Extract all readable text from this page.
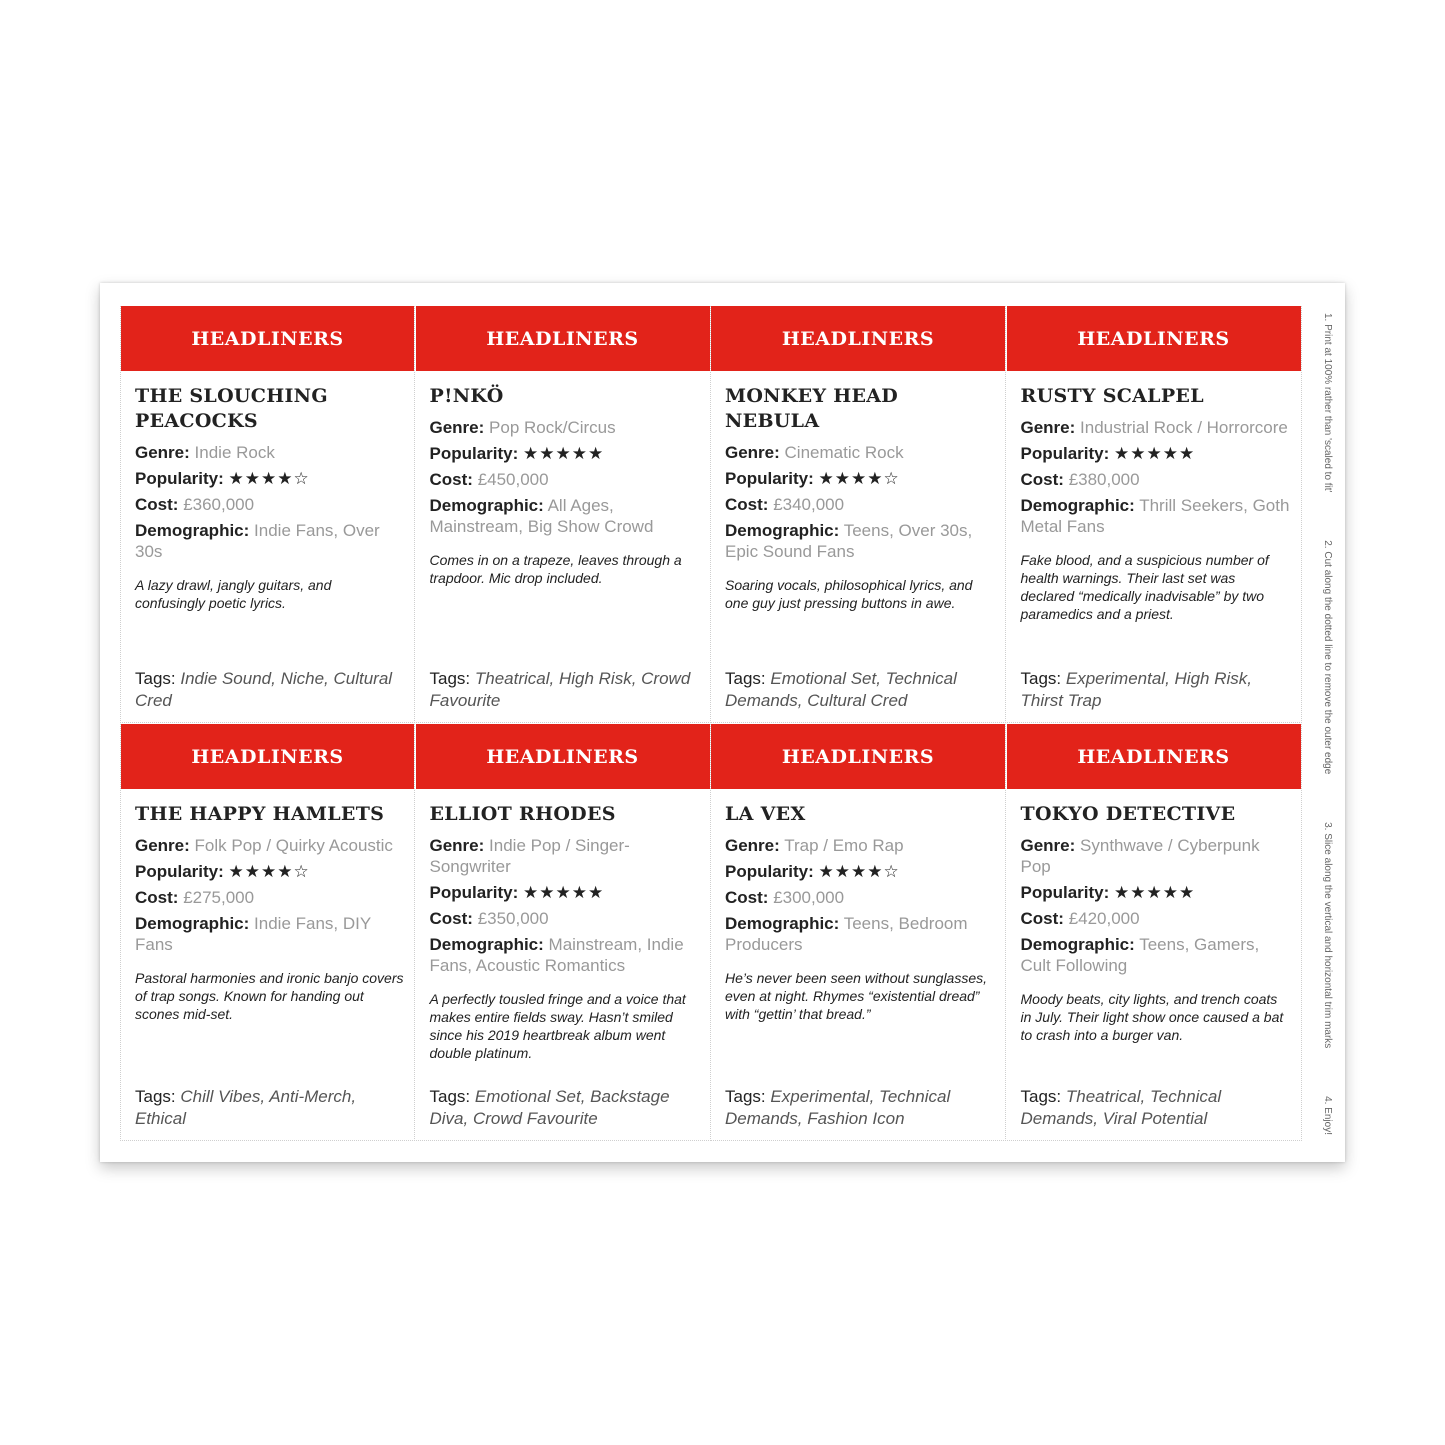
HEADLINERS
THE SLOUCHING PEACOCKS
Genre: Indie Rock
Popularity: ★★★★☆
Cost: £360,000
Demographic: Indie Fans, Over 30s
A lazy drawl, jangly guitars, and confusingly poetic lyrics.
Tags: Indie Sound, Niche, Cultural Cred
HEADLINERS
P!NKÖ
Genre: Pop Rock/Circus
Popularity: ★★★★★
Cost: £450,000
Demographic: All Ages, Mainstream, Big Show Crowd
Comes in on a trapeze, leaves through a trapdoor. Mic drop included.
Tags: Theatrical, High Risk, Crowd Favourite
HEADLINERS
MONKEY HEAD NEBULA
Genre: Cinematic Rock
Popularity: ★★★★☆
Cost: £340,000
Demographic: Teens, Over 30s, Epic Sound Fans
Soaring vocals, philosophical lyrics, and one guy just pressing buttons in awe.
Tags: Emotional Set, Technical Demands, Cultural Cred
HEADLINERS
RUSTY SCALPEL
Genre: Industrial Rock / Horrorcore
Popularity: ★★★★★
Cost: £380,000
Demographic: Thrill Seekers, Goth Metal Fans
Fake blood, and a suspicious number of health warnings. Their last set was declared “medically inadvisable” by two paramedics and a priest.
Tags: Experimental, High Risk, Thirst Trap
HEADLINERS
THE HAPPY HAMLETS
Genre: Folk Pop / Quirky Acoustic
Popularity: ★★★★☆
Cost: £275,000
Demographic: Indie Fans, DIY Fans
Pastoral harmonies and ironic banjo covers of trap songs. Known for handing out scones mid-set.
Tags: Chill Vibes, Anti-Merch, Ethical
HEADLINERS
ELLIOT RHODES
Genre: Indie Pop / Singer-Songwriter
Popularity: ★★★★★
Cost: £350,000
Demographic: Mainstream, Indie Fans, Acoustic Romantics
A perfectly tousled fringe and a voice that makes entire fields sway. Hasn’t smiled since his 2019 heartbreak album went double platinum.
Tags: Emotional Set, Backstage Diva, Crowd Favourite
HEADLINERS
LA VEX
Genre: Trap / Emo Rap
Popularity: ★★★★☆
Cost: £300,000
Demographic: Teens, Bedroom Producers
He’s never been seen without sunglasses, even at night. Rhymes “existential dread” with “gettin’ that bread.”
Tags: Experimental, Technical Demands, Fashion Icon
HEADLINERS
TOKYO DETECTIVE
Genre: Synthwave / Cyberpunk Pop
Popularity: ★★★★★
Cost: £420,000
Demographic: Teens, Gamers, Cult Following
Moody beats, city lights, and trench coats in July. Their light show once caused a bat to crash into a burger van.
Tags: Theatrical, Technical Demands, Viral Potential
1. Print at 100% rather than 'scaled to fit'
2. Cut along the dotted line to remove the outer edge
3. Slice along the vertical and horizontal trim marks
4. Enjoy!
